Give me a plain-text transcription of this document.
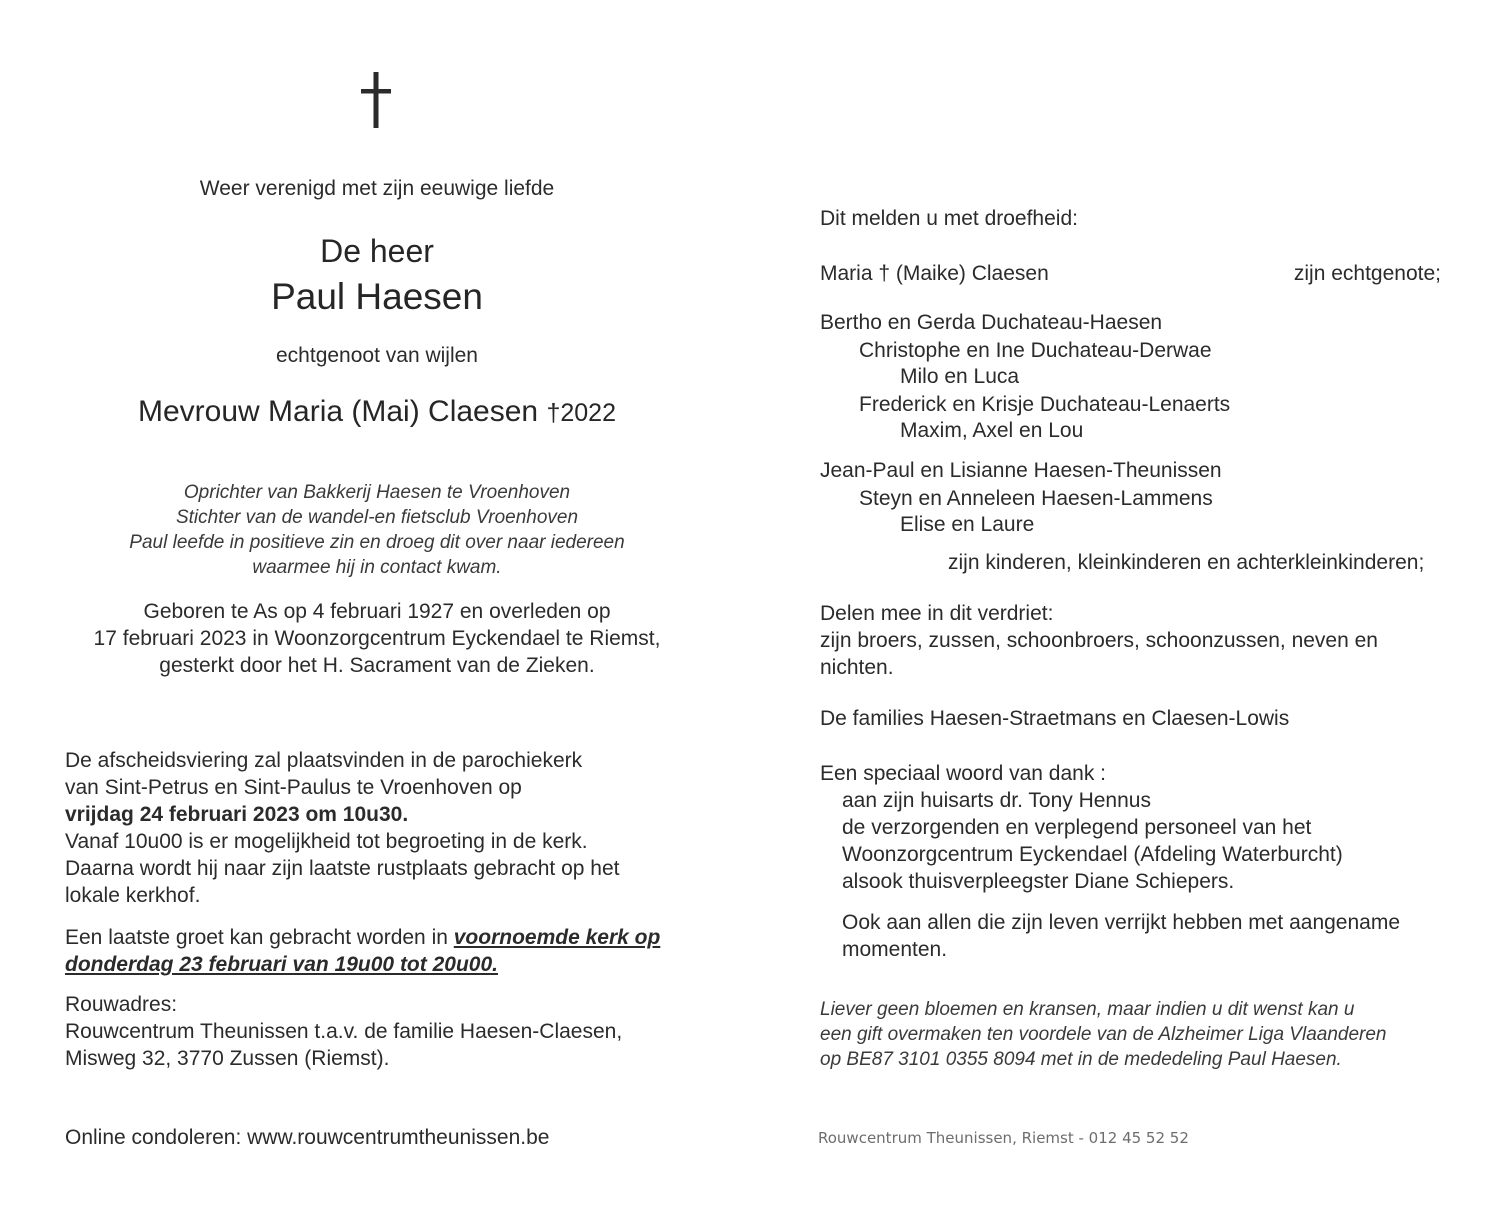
Weer verenigd met zijn eeuwige liefde
De heer
Paul Haesen
echtgenoot van wijlen
Mevrouw Maria (Mai) Claesen †2022
Oprichter van Bakkerij Haesen te Vroenhoven
Stichter van de wandel-en fietsclub Vroenhoven
Paul leefde in positieve zin en droeg dit over naar iedereen
waarmee hij in contact kwam.
Geboren te As op 4 februari 1927 en overleden op
17 februari 2023 in Woonzorgcentrum Eyckendael te Riemst,
gesterkt door het H. Sacrament van de Zieken.
De afscheidsviering zal plaatsvinden in de parochiekerk
van Sint-Petrus en Sint-Paulus te Vroenhoven op
vrijdag 24 februari 2023 om 10u30.
Vanaf 10u00 is er mogelijkheid tot begroeting in de kerk.
Daarna wordt hij naar zijn laatste rustplaats gebracht op het
lokale kerkhof.
Een laatste groet kan gebracht worden in voornoemde kerk op
donderdag 23 februari van 19u00 tot 20u00.
Rouwadres:
Rouwcentrum Theunissen t.a.v. de familie Haesen-Claesen,
Misweg 32, 3770 Zussen (Riemst).
Online condoleren: www.rouwcentrumtheunissen.be
Dit melden u met droefheid:
Maria † (Maike) Claesen	zijn echtgenote;
Bertho en Gerda Duchateau-Haesen
Christophe en Ine Duchateau-Derwae
Milo en Luca
Frederick en Krisje Duchateau-Lenaerts
Maxim, Axel en Lou
Jean-Paul en Lisianne Haesen-Theunissen
Steyn en Anneleen Haesen-Lammens
Elise en Laure
zijn kinderen, kleinkinderen en achterkleinkinderen;
Delen mee in dit verdriet:
zijn broers, zussen, schoonbroers, schoonzussen, neven en
nichten.
De families Haesen-Straetmans en Claesen-Lowis
Een speciaal woord van dank :
aan zijn huisarts dr. Tony Hennus
de verzorgenden en verplegend personeel van het
Woonzorgcentrum Eyckendael (Afdeling Waterburcht)
alsook thuisverpleegster Diane Schiepers.
Ook aan allen die zijn leven verrijkt hebben met aangename
momenten.
Liever geen bloemen en kransen, maar indien u dit wenst kan u
een gift overmaken ten voordele van de Alzheimer Liga Vlaanderen
op BE87 3101 0355 8094 met in de mededeling Paul Haesen.
Rouwcentrum Theunissen, Riemst - 012 45 52 52
